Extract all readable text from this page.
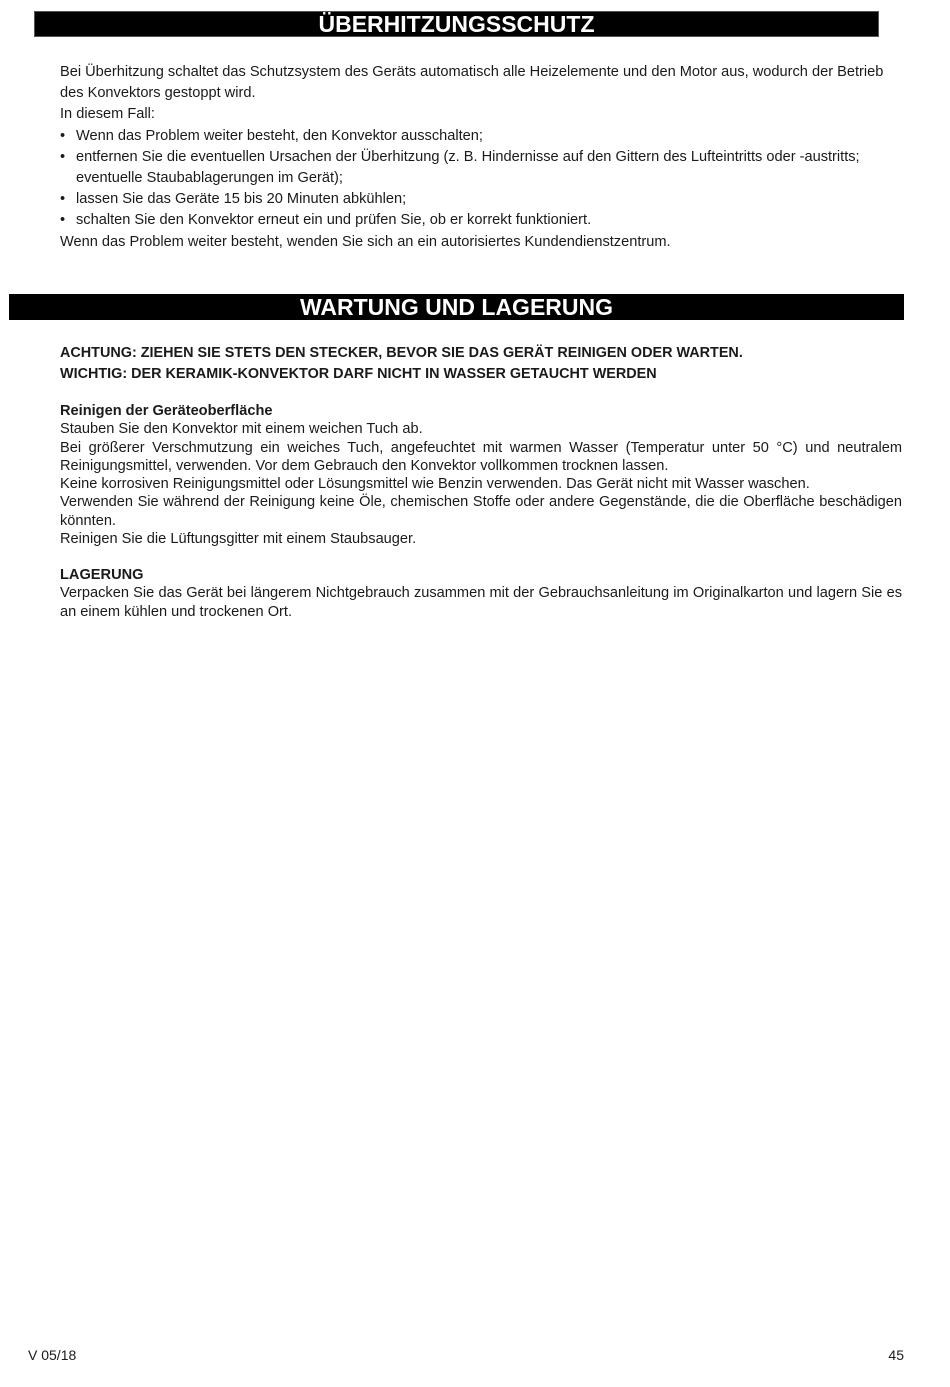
ÜBERHITZUNGSSCHUTZ

Bei Überhitzung schaltet das Schutzsystem des Geräts automatisch alle Heizelemente und den Motor aus, wodurch der Betrieb des Konvektors gestoppt wird.

In diesem Fall:

• Wenn das Problem weiter besteht, den Konvektor ausschalten;
• entfernen Sie die eventuellen Ursachen der Überhitzung (z. B. Hindernisse auf den Gittern des Lufteintritts oder -austritts; eventuelle Staubablagerungen im Gerät);
• lassen Sie das Geräte 15 bis 20 Minuten abkühlen;
• schalten Sie den Konvektor erneut ein und prüfen Sie, ob er korrekt funktioniert.

Wenn das Problem weiter besteht, wenden Sie sich an ein autorisiertes Kundendienstzentrum.

WARTUNG UND LAGERUNG
ACHTUNG: ZIEHEN SIE STETS DEN STECKER, BEVOR SIE DAS GERÄT REINIGEN ODER WARTEN.
WICHTIG: DER KERAMIK-KONVEKTOR DARF NICHT IN WASSER GETAUCHT WERDEN

Reinigen der Geräteoberfläche

Stauben Sie den Konvektor mit einem weichen Tuch ab.

Bei größerer Verschmutzung ein weiches Tuch, angefeuchtet mit warmen Wasser (Temperatur unter 50 °C) und neutralem Reinigungsmittel, verwenden. Vor dem Gebrauch den Konvektor vollkommen trocknen lassen.

Keine korrosiven Reinigungsmittel oder Lösungsmittel wie Benzin verwenden. Das Gerät nicht mit Wasser waschen.

Verwenden Sie während der Reinigung keine Öle, chemischen Stoffe oder andere Gegenstände, die die Oberfläche beschädigen könnten.

Reinigen Sie die Lüftungsgitter mit einem Staubsauger.

LAGERUNG

Verpacken Sie das Gerät bei längerem Nichtgebrauch zusammen mit der Gebrauchsanleitung im Originalkarton und lagern Sie es an einem kühlen und trockenen Ort.

V 05/18	45
